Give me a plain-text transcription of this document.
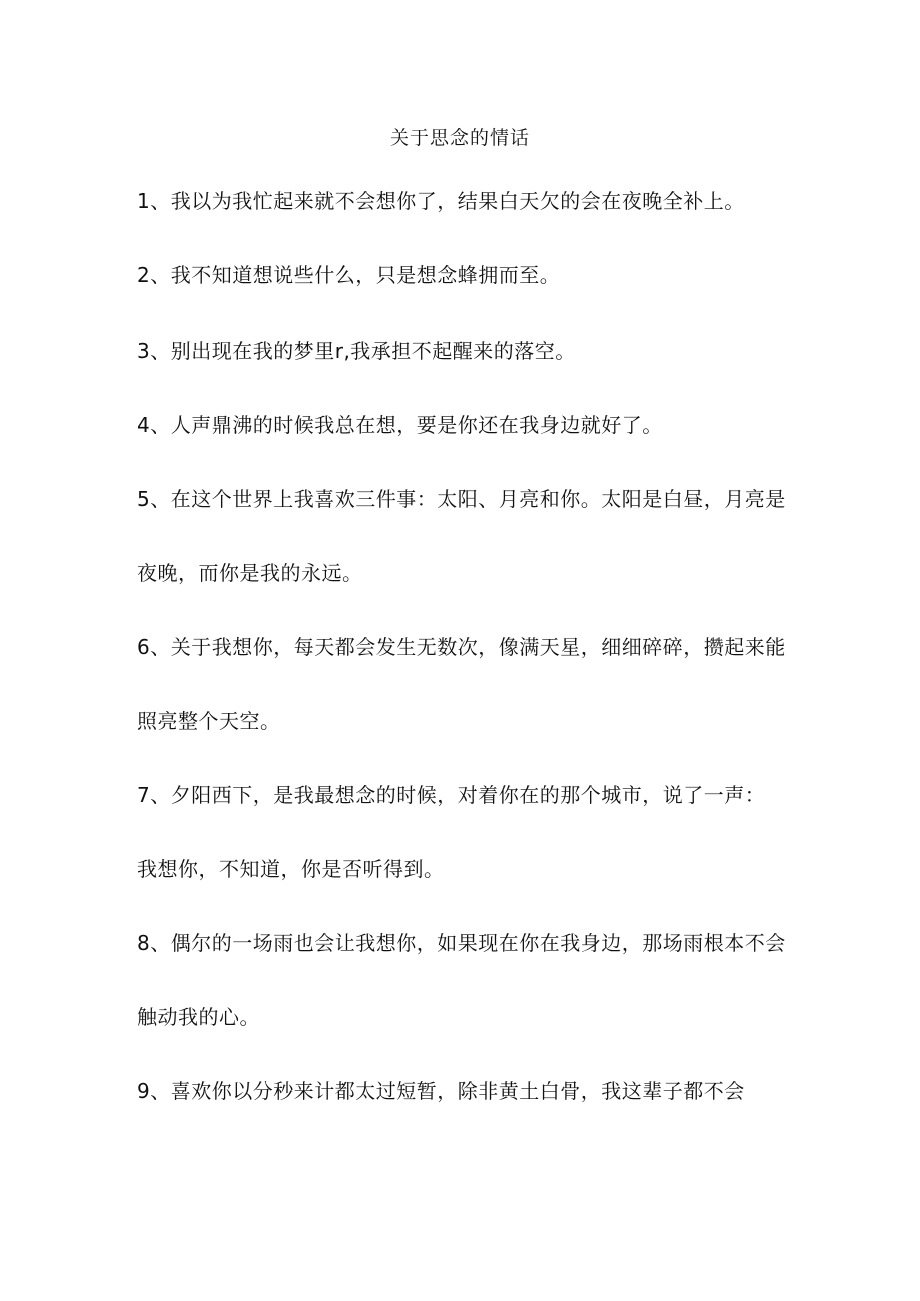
关于思念的情话
1、我以为我忙起来就不会想你了，结果白天欠的会在夜晚全补上。
2、我不知道想说些什么，只是想念蜂拥而至。
3、别出现在我的梦里r,我承担不起醒来的落空。
4、人声鼎沸的时候我总在想，要是你还在我身边就好了。
5、在这个世界上我喜欢三件事：太阳、月亮和你。太阳是白昼，月亮是
夜晚，而你是我的永远。
6、关于我想你，每天都会发生无数次，像满天星，细细碎碎，攒起来能
照亮整个天空。
7、夕阳西下，是我最想念的时候，对着你在的那个城市，说了一声：
我想你，不知道，你是否听得到。
8、偶尔的一场雨也会让我想你，如果现在你在我身边，那场雨根本不会
触动我的心。
9、喜欢你以分秒来计都太过短暂，除非黄土白骨，我这辈子都不会
